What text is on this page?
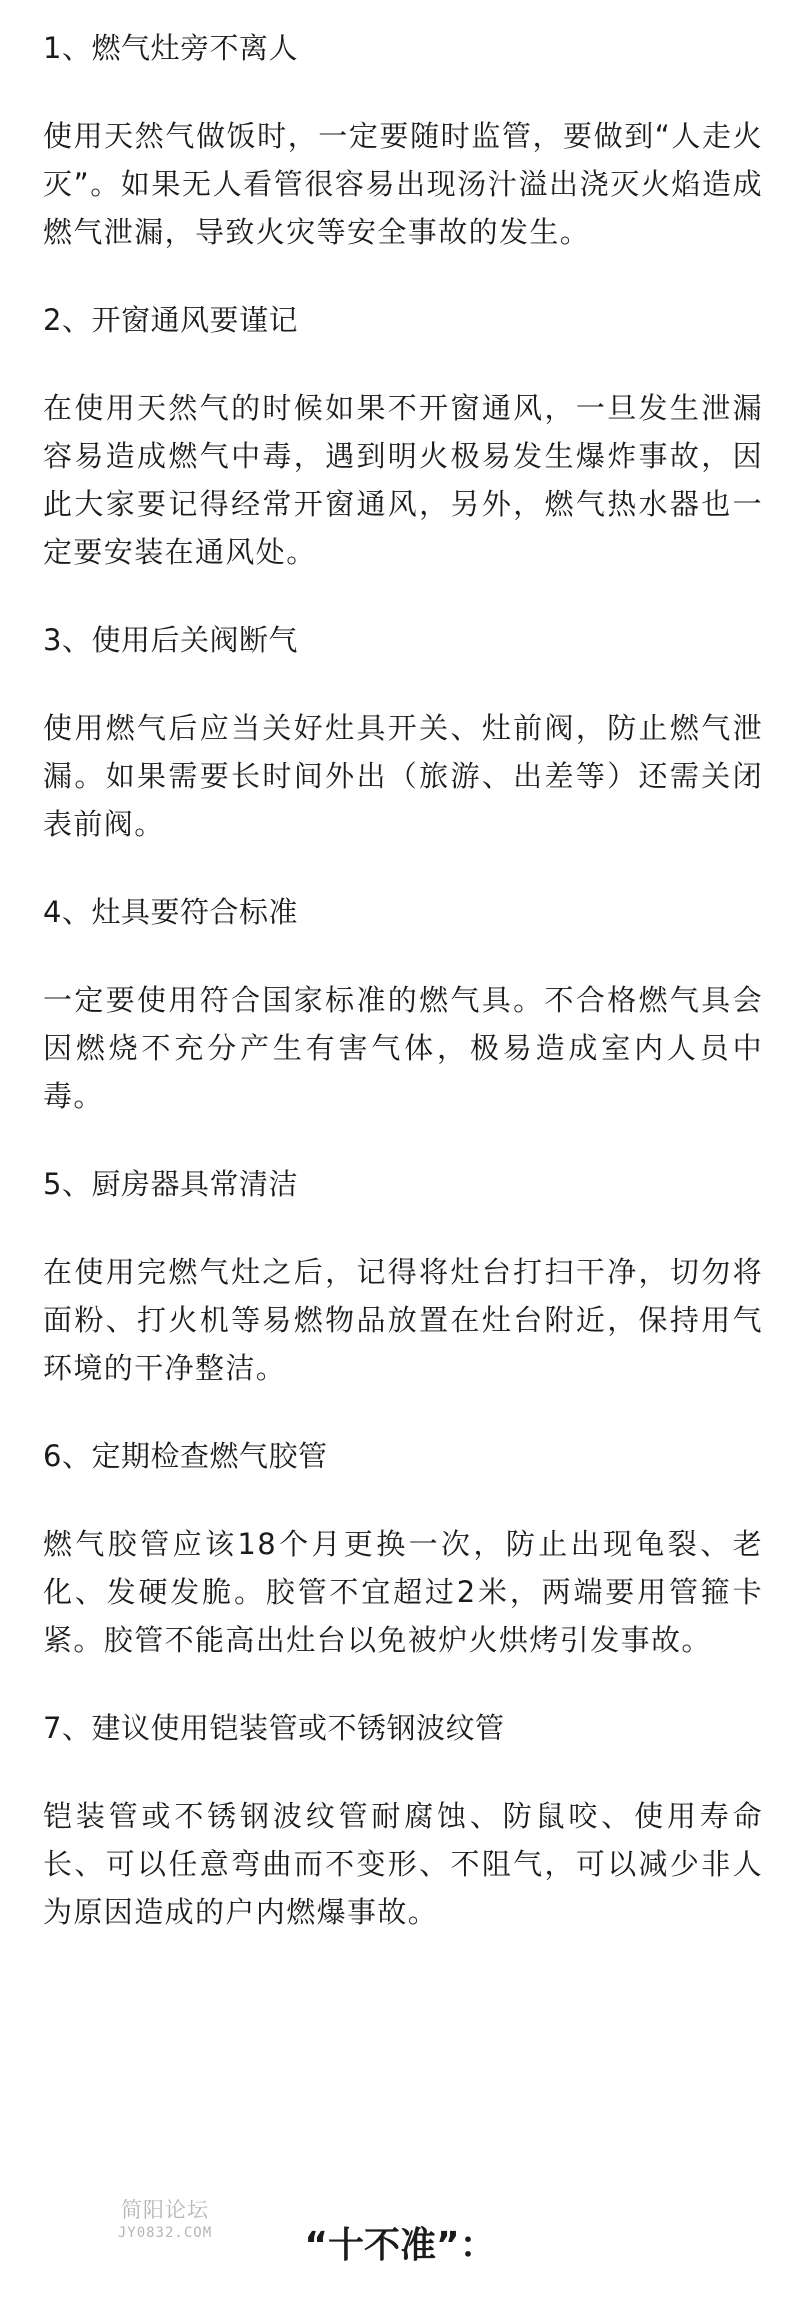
1、燃气灶旁不离人

使用天然气做饭时，一定要随时监管，要做到“人走火灭”。如果无人看管很容易出现汤汁溢出浇灭火焰造成燃气泄漏，导致火灾等安全事故的发生。

2、开窗通风要谨记

在使用天然气的时候如果不开窗通风，一旦发生泄漏容易造成燃气中毒，遇到明火极易发生爆炸事故，因此大家要记得经常开窗通风，另外，燃气热水器也一定要安装在通风处。

3、使用后关阀断气

使用燃气后应当关好灶具开关、灶前阀，防止燃气泄漏。如果需要长时间外出（旅游、出差等）还需关闭表前阀。

4、灶具要符合标准

一定要使用符合国家标准的燃气具。不合格燃气具会因燃烧不充分产生有害气体，极易造成室内人员中毒。

5、厨房器具常清洁

在使用完燃气灶之后，记得将灶台打扫干净，切勿将面粉、打火机等易燃物品放置在灶台附近，保持用气环境的干净整洁。

6、定期检查燃气胶管

燃气胶管应该18个月更换一次，防止出现龟裂、老化、发硬发脆。胶管不宜超过2米，两端要用管箍卡紧。胶管不能高出灶台以免被炉火烘烤引发事故。

7、建议使用铠装管或不锈钢波纹管

铠装管或不锈钢波纹管耐腐蚀、防鼠咬、使用寿命长、可以任意弯曲而不变形、不阻气，可以减少非人为原因造成的户内燃爆事故。

简阳论坛
JY0832.COM	“十不准”：
